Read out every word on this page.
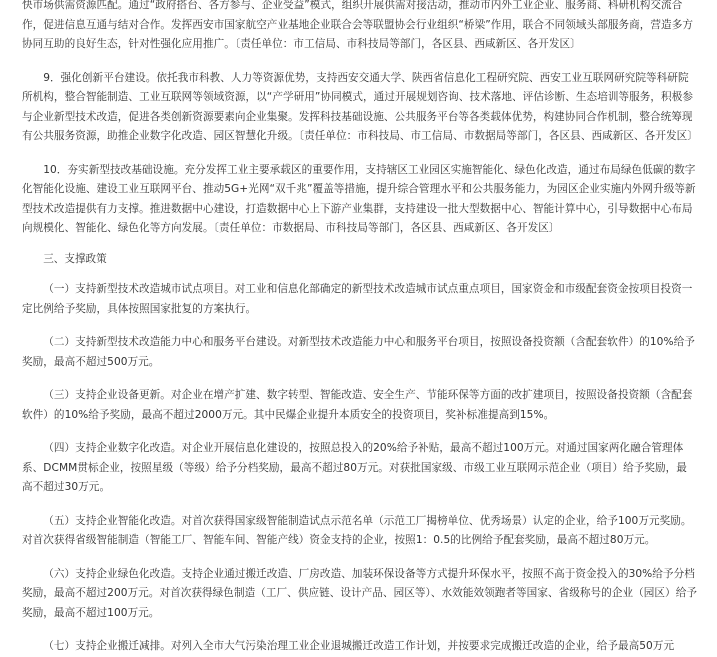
快市场供需资源匹配。通过“政府搭台、各方参与、企业受益”模式，组织开展供需对接活动，推动市内外工业企业、服务商、科研机构交流合作，促进信息互通与结对合作。发挥西安市国家航空产业基地企业联合会等联盟协会行业组织“桥梁”作用，联合不同领域头部服务商，营造多方协同互助的良好生态，针对性强化应用推广。〔责任单位：市工信局、市科技局等部门，各区县、西咸新区、各开发区〕

9．强化创新平台建设。依托我市科教、人力等资源优势，支持西安交通大学、陕西省信息化工程研究院、西安工业互联网研究院等科研院所机构，整合智能制造、工业互联网等领域资源，以“产学研用”协同模式，通过开展规划咨询、技术落地、评估诊断、生态培训等服务，积极参与企业新型技术改造，促进各类创新资源要素向企业集聚。发挥科技基础设施、公共服务平台等各类载体优势，构建协同合作机制，整合统筹现有公共服务资源，助推企业数字化改造、园区智慧化升级。〔责任单位：市科技局、市工信局、市数据局等部门，各区县、西咸新区、各开发区〕

10．夯实新型技改基础设施。充分发挥工业主要承载区的重要作用，支持辖区工业园区实施智能化、绿色化改造，通过布局绿色低碳的数字化智能化设施、建设工业互联网平台、推动5G+光网“双千兆”覆盖等措施，提升综合管理水平和公共服务能力，为园区企业实施内外网升级等新型技术改造提供有力支撑。推进数据中心建设，打造数据中心上下游产业集群，支持建设一批大型数据中心、智能计算中心，引导数据中心布局向规模化、智能化、绿色化等方向发展。〔责任单位：市数据局、市科技局等部门，各区县、西咸新区、各开发区〕

三、支撑政策

（一）支持新型技术改造城市试点项目。对工业和信息化部确定的新型技术改造城市试点重点项目，国家资金和市级配套资金按项目投资一定比例给予奖励，具体按照国家批复的方案执行。

（二）支持新型技术改造能力中心和服务平台建设。对新型技术改造能力中心和服务平台项目，按照设备投资额（含配套软件）的10%给予奖励，最高不超过500万元。

（三）支持企业设备更新。对企业在增产扩建、数字转型、智能改造、安全生产、节能环保等方面的改扩建项目，按照设备投资额（含配套软件）的10%给予奖励，最高不超过2000万元。其中民爆企业提升本质安全的投资项目，奖补标准提高到15%。

（四）支持企业数字化改造。对企业开展信息化建设的，按照总投入的20%给予补贴，最高不超过100万元。对通过国家两化融合管理体系、DCMM贯标企业，按照星级（等级）给予分档奖励，最高不超过80万元。对获批国家级、市级工业互联网示范企业（项目）给予奖励，最高不超过30万元。

（五）支持企业智能化改造。对首次获得国家级智能制造试点示范名单（示范工厂揭榜单位、优秀场景）认定的企业，给予100万元奖励。对首次获得省级智能制造（智能工厂、智能车间、智能产线）资金支持的企业，按照1：0.5的比例给予配套奖励，最高不超过80万元。

（六）支持企业绿色化改造。支持企业通过搬迁改造、厂房改造、加装环保设备等方式提升环保水平，按照不高于资金投入的30%给予分档奖励，最高不超过200万元。对首次获得绿色制造（工厂、供应链、设计产品、园区等）、水效能效领跑者等国家、省级称号的企业（园区）给予奖励，最高不超过100万元。

（七）支持企业搬迁减排。对列入全市大气污染治理工业企业退城搬迁改造工作计划，并按要求完成搬迁改造的企业，给予最高50万元
